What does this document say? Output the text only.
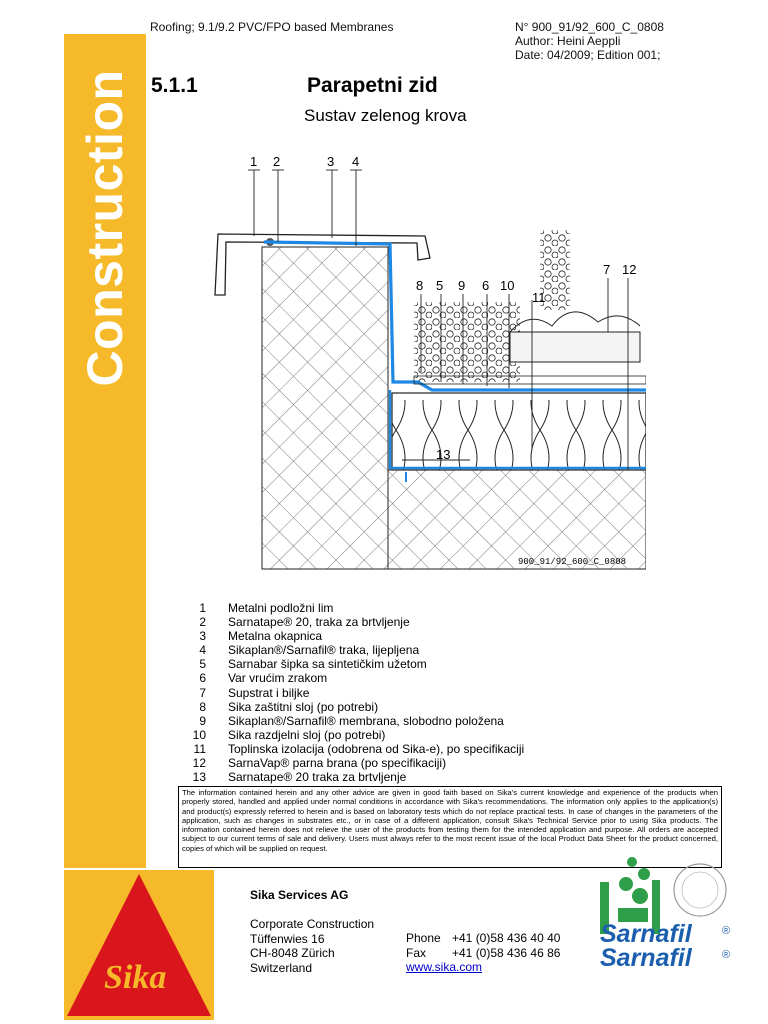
Roofing; 9.1/9.2 PVC/FPO based Membranes	N° 900_91/92_600_C_0808
Author: Heini Aeppli
Date: 04/2009; Edition 001;
Construction 5.1.1	Parapetni zid
Sustav zelenog krova
1 2	3 4
8 5 9 6 10
11
7 12
13
900_91/92_600_C_0808
1 Metalni podložni lim
2 Sarnatape® 20, traka za brtvljenje
3 Metalna okapnica
4 Sikaplan®/Sarnafil® traka, lijepljena
5 Sarnabar šipka sa sintetičkim užetom
6 Var vrućim zrakom
7 Supstrat i biljke
8 Sika zaštitni sloj (po potrebi)
9 Sikaplan®/Sarnafil® membrana, slobodno položena
10 Sika razdjelni sloj (po potrebi)
11 Toplinska izolacija (odobrena od Sika-e), po specifikaciji
12 SarnaVap® parna brana (po specifikaciji)
13 Sarnatape® 20 traka za brtvljenje
The information contained herein and any other advice are given in good faith based on Sika's current knowledge and experience of the products when properly stored, handled and applied under normal conditions in accordance with Sika's recommendations. The information only applies to the application(s) and product(s) expressly referred to herein and is based on laboratory tests which do not replace practical tests. In case of changes in the parameters of the application, such as changes in substrates etc., or in case of a different application, consult Sika's Technical Service prior to using Sika products. The information contained herein does not relieve the user of the products from testing them for the intended application and purpose. All orders are accepted subject to our current terms of sale and delivery. Users must always refer to the most recent issue of the local Product Data Sheet for the product concerned, copies of which will be supplied on request.
Sika
®
Sika Services AG
Corporate Construction
Tüffenwies 16
CH-8048 Zürich
Switzerland
Phone +41 (0)58 436 40 40
Fax +41 (0)58 436 46 86
www.sika.com
Sarnafil	®
Sarnafil	®
